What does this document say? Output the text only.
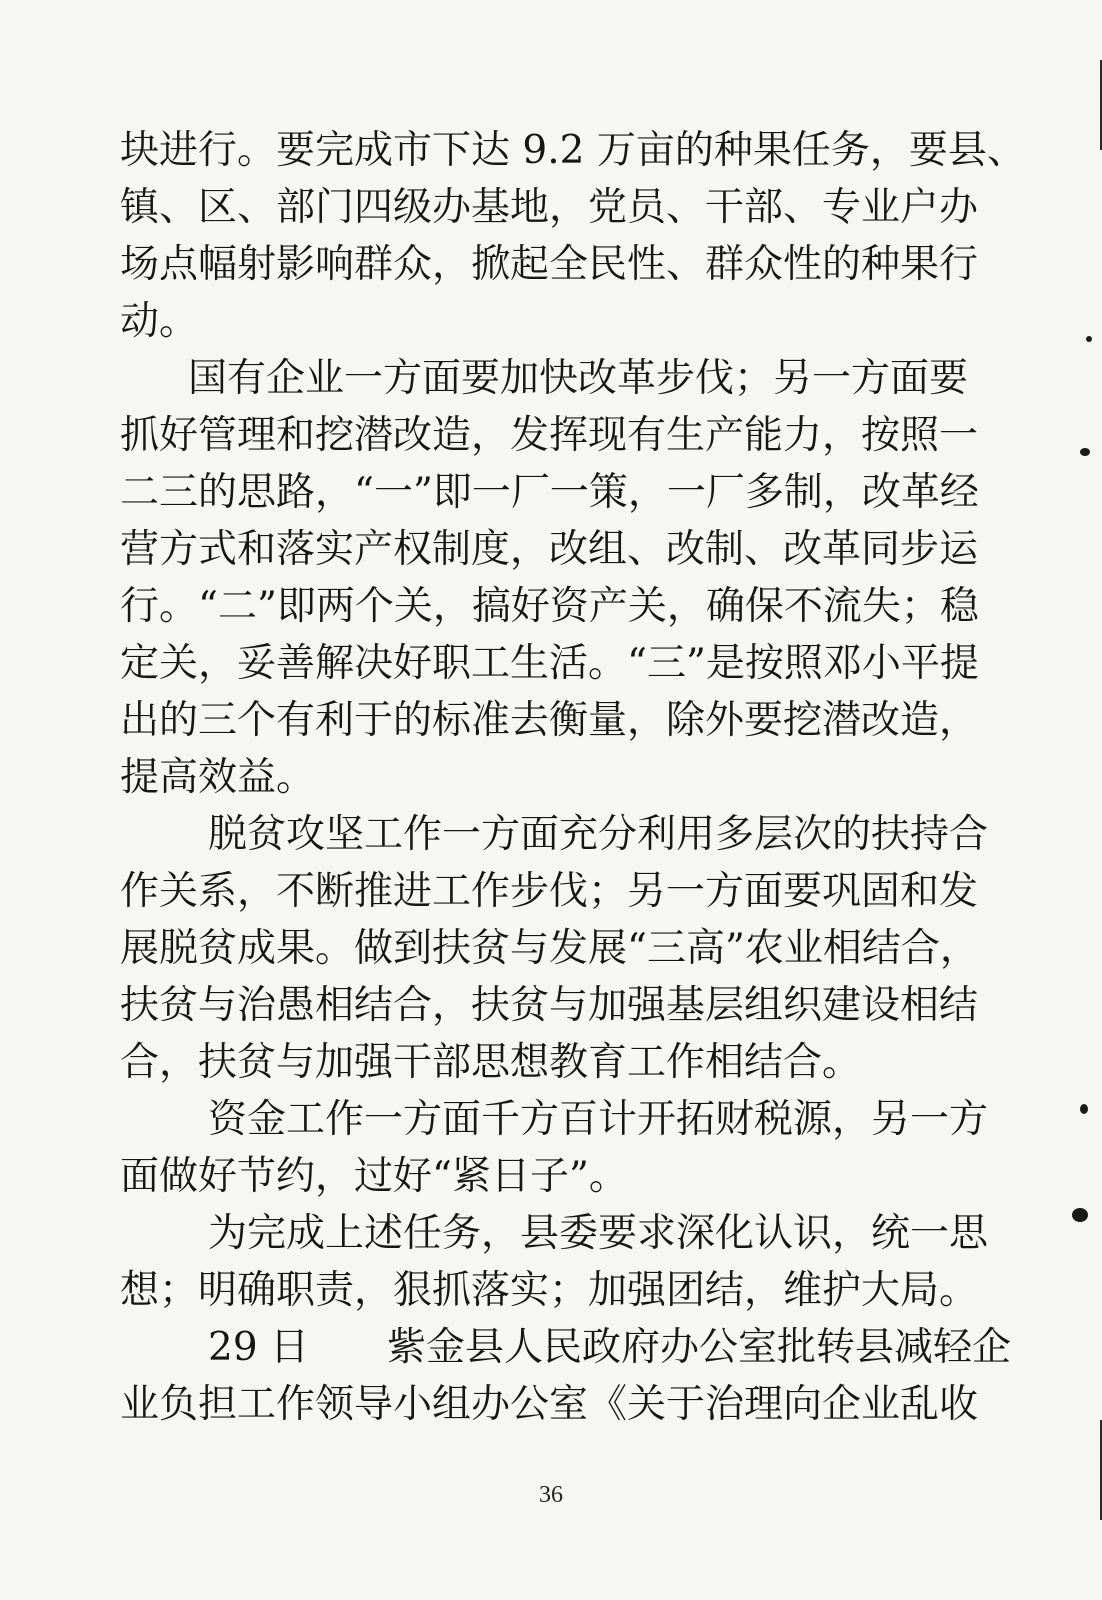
块进行。要完成市下达 9.2 万亩的种果任务，要县、
镇、区、部门四级办基地，党员、干部、专业户办
场点幅射影响群众，掀起全民性、群众性的种果行
动。
国有企业一方面要加快改革步伐；另一方面要
抓好管理和挖潜改造，发挥现有生产能力，按照一
二三的思路，“一”即一厂一策，一厂多制，改革经
营方式和落实产权制度，改组、改制、改革同步运
行。“二”即两个关，搞好资产关，确保不流失；稳
定关，妥善解决好职工生活。“三”是按照邓小平提
出的三个有利于的标准去衡量，除外要挖潜改造，
提高效益。
脱贫攻坚工作一方面充分利用多层次的扶持合
作关系，不断推进工作步伐；另一方面要巩固和发
展脱贫成果。做到扶贫与发展“三高”农业相结合，
扶贫与治愚相结合，扶贫与加强基层组织建设相结
合，扶贫与加强干部思想教育工作相结合。
资金工作一方面千方百计开拓财税源，另一方
面做好节约，过好“紧日子”。
为完成上述任务，县委要求深化认识，统一思
想；明确职责，狠抓落实；加强团结，维护大局。
29 日　　紫金县人民政府办公室批转县减轻企
业负担工作领导小组办公室《关于治理向企业乱收
36
